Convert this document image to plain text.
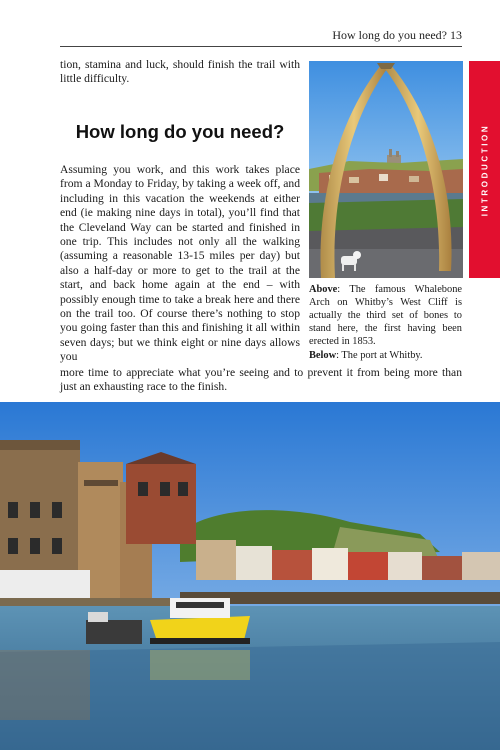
How long do you need? 13
tion, stamina and luck, should finish the trail with little difficulty.
How long do you need?
Assuming you work, and this work takes place from a Monday to Friday, by taking a week off, and including in this vacation the weekends at either end (ie making nine days in total), you’ll find that the Cleveland Way can be started and finished in one trip. This includes not only all the walking (assuming a reasonable 13-15 miles per day) but also a half-day or more to get to the trail at the start, and back home again at the end – with possibly enough time to take a break here and there on the trail too. Of course there’s nothing to stop you going faster than this and finishing it all within seven days; but we think eight or nine days allows you
more time to appreciate what you’re seeing and to prevent it from being more than just an exhausting race to the finish.
INTRODUCTION
Above: The famous Whalebone Arch on Whitby’s West Cliff is actually the third set of bones to stand here, the first having been erected in 1853.
Below: The port at Whitby.
